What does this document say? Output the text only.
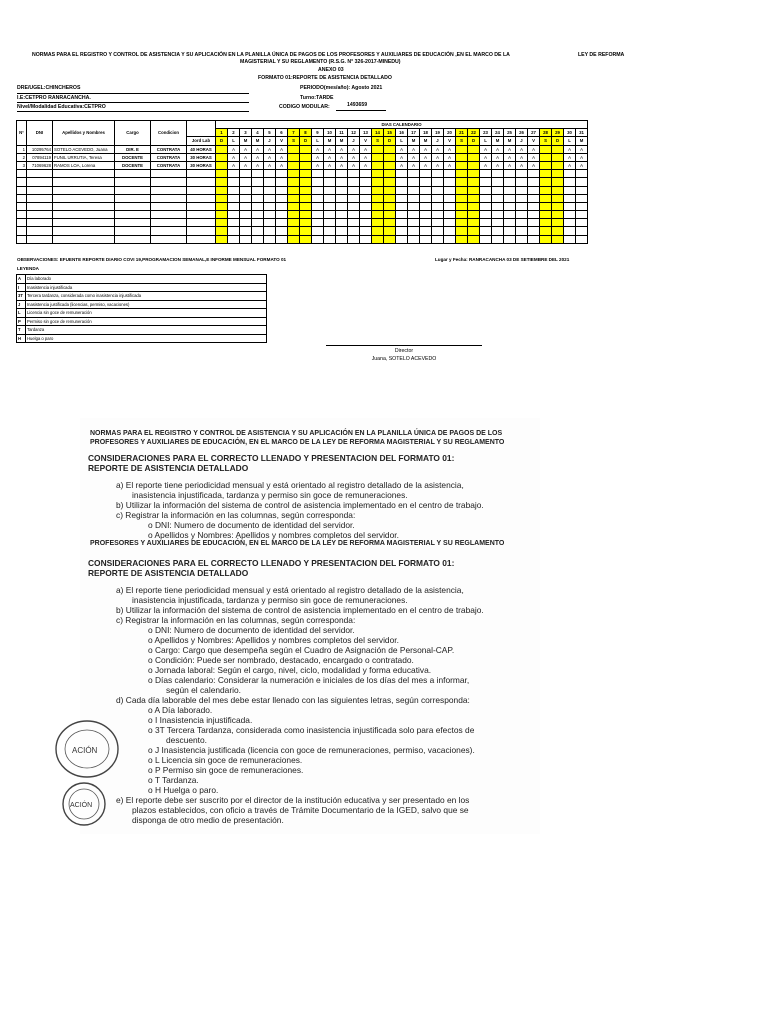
NORMAS PARA EL REGISTRO Y CONTROL DE ASISTENCIA Y SU APLICACIÓN EN LA PLANILLA ÚNICA DE PAGOS DE LOS PROFESORES Y AUXILIARES DE EDUCACIÓN ,EN EL MARCO DE LA	LEY DE REFORMA
MAGISTERIAL Y SU REGLAMENTO (R.S.G. N° 326-2017-MINEDU)
ANEXO 03
FORMATO 01:REPORTE DE ASISTENCIA DETALLADO
DRE/UGEL:CHINCHEROS
I.E:CETPRO RANRACANCHA.
Nivel/Modalidad Educativa:CETPRO
PERIODO(mes/año): Agosto 2021
Turno:TARDE
CODIGO MODULAR:	1493659
N°	DNI	Apellidos y Nombres	Cargo	Condicion		DIAS CALENDARIO																														
						1	2	3	4	5	6	7	8	9	10	11	12	13	14	15	16	17	18	19	20	21	22	23	24	25	26	27	28	29	30	31
					Jord Lab	D	L	M	M	J	V	S	D	L	M	M	J	V	S	D	L	M	M	J	V	S	D	L	M	M	J	V	S	D	L	M
1	10295764	SOTELO ACEVEDO, Juana	DIR. E	CONTRATA	40 HORAS		A	A	A	A	A			A	A	A	A	A			A	A	A	A	A			A	A	A	A	A			A	A
2	07894119	FUNIL URRUTIA, Teresa	DOCENTE	CONTRATA	30 HORAS		A	A	A	A	A			A	A	A	A	A			A	A	A	A	A			A	A	A	A	A			A	A
3	71069628	RAMOS LOA, Lorena	DOCENTE	CONTRATA	30 HORAS		A	A	A	A	A			A	A	A	A	A			A	A	A	A	A			A	A	A	A	A			A	A

OBSERVACIONES: EFUENTE REPORTE DIARIO COVI 19,PROGRAMACION SEMANAL,E INFORME MENSUAL FORMATO 01	Lugar y Fecha: RANRACANCHA 03 DE SETIEMBRE DEL 2021
LEYENDA
A	Día laborado
I	Inasistencia injustificada
3T	Tercera tardanza, considerada como inasistencia injustificada
J	Inasistencia justificada (licencias, permiso, vacaciones)
L	Licencia sin goce de remuneración
P	Permiso sin goce de remuneración
T	Tardanza
H	Huelga o paro
Director
Juana, SOTELO ACEVEDO
NORMAS PARA EL REGISTRO Y CONTROL DE ASISTENCIA Y SU APLICACIÓN EN LA PLANILLA ÚNICA DE PAGOS DE LOS
PROFESORES Y AUXILIARES DE EDUCACIÓN, EN EL MARCO DE LA LEY DE REFORMA MAGISTERIAL Y SU REGLAMENTO
CONSIDERACIONES PARA EL CORRECTO LLENADO Y PRESENTACION DEL FORMATO 01:
REPORTE DE ASISTENCIA DETALLADO
a) El reporte tiene periodicidad mensual y está orientado al registro detallado de la asistencia,
inasistencia injustificada, tardanza y permiso sin goce de remuneraciones.
b) Utilizar la información del sistema de control de asistencia implementado en el centro de trabajo.
c) Registrar la información en las columnas, según corresponda:
o DNI: Numero de documento de identidad del servidor.
o Apellidos y Nombres: Apellidos y nombres completos del servidor.
PROFESORES Y AUXILIARES DE EDUCACIÓN, EN EL MARCO DE LA LEY DE REFORMA MAGISTERIAL Y SU REGLAMENTO
CONSIDERACIONES PARA EL CORRECTO LLENADO Y PRESENTACION DEL FORMATO 01:
REPORTE DE ASISTENCIA DETALLADO
a) El reporte tiene periodicidad mensual y está orientado al registro detallado de la asistencia,
inasistencia injustificada, tardanza y permiso sin goce de remuneraciones.
b) Utilizar la información del sistema de control de asistencia implementado en el centro de trabajo.
c) Registrar la información en las columnas, según corresponda:
o DNI: Numero de documento de identidad del servidor.
o Apellidos y Nombres: Apellidos y nombres completos del servidor.
o Cargo: Cargo que desempeña según el Cuadro de Asignación de Personal-CAP.
o Condición: Puede ser nombrado, destacado, encargado o contratado.
o Jornada laboral: Según el cargo, nivel, ciclo, modalidad y forma educativa.
o Días calendario: Considerar la numeración e iniciales de los días del mes a informar,
según el calendario.
d) Cada día laborable del mes debe estar llenado con las siguientes letras, según corresponda:
o A Día laborado.
o I Inasistencia injustificada.
o 3T Tercera Tardanza, considerada como inasistencia injustificada solo para efectos de
descuento.
o J Inasistencia justificada (licencia con goce de remuneraciones, permiso, vacaciones).
o L Licencia sin goce de remuneraciones.
o P Permiso sin goce de remuneraciones.
o T Tardanza.
o H Huelga o paro.
e) El reporte debe ser suscrito por el director de la institución educativa y ser presentado en los
plazos establecidos, con oficio a través de Trámite Documentario de la IGED, salvo que se
disponga de otro medio de presentación.
ACIÓN
ACIÓN
